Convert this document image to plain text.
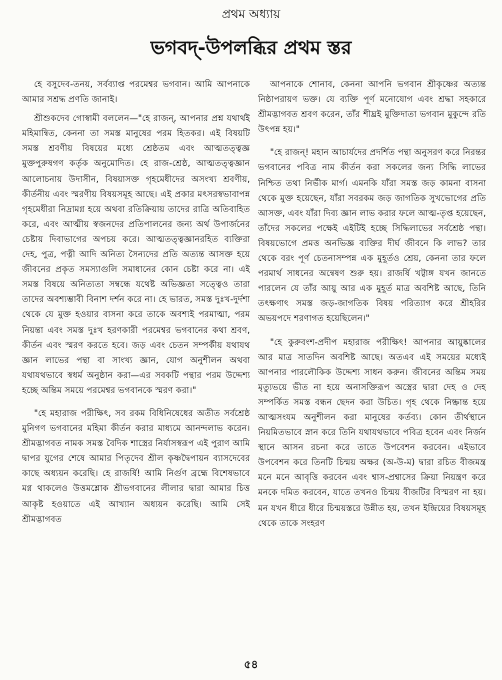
প্রথম অধ্যায়
ভগবদ্-উপলব্ধির প্রথম স্তর

হে বসুদেব-তনয়, সর্বব্যাপ্ত পরমেশ্বর ভগবান। আমি আপনাকে আমার সশ্রদ্ধ প্রণতি জানাই।

শ্রীশুকদেব গোস্বামী বললেন—"হে রাজন্‌, আপনার প্রশ্ন যথার্থই মহিমান্বিত, কেননা তা সমস্ত মানুষের পরম হিতকর। এই বিষয়টি সমস্ত শ্রবণীয় বিষয়ের মধ্যে শ্রেষ্ঠতম এবং আত্মতত্ত্বজ্ঞ মুক্তপুরুষগণ কর্তৃক অনুমোদিত। হে রাজ-শ্রেষ্ঠ, আত্মতত্ত্বজ্ঞান আলোচনায় উদাসীন, বিষয়াসক্ত গৃহমেধীদের অসংখ্য শ্রবণীয়, কীর্তনীয় এবং স্মরণীয় বিষয়সমূহ আছে। এই প্রকার মৎসরস্বভাবাপন্ন গৃহমেধীরা নিদ্রামগ্ন হয়ে অথবা রতিক্রিয়ায় তাদের রাত্রি অতিবাহিত করে, এবং আত্মীয় স্বজনদের প্রতিপালনের জন্য অর্থ উপার্জনের চেষ্টায় দিবাভাগের অপচয় করে। আত্মতত্ত্বজ্ঞানরহিত ব্যক্তিরা দেহ, পুত্র, পত্নী আদি অনিত্য সৈন্যদের প্রতি অত্যন্ত আসক্ত হয়ে জীবনের প্রকৃত সমস্যাগুলি সমাধানের কোন চেষ্টা করে না। এই সমস্ত বিষয়ে অনিত্যতা সম্বন্ধে যথেষ্ট অভিজ্ঞতা সত্ত্বেও তারা তাদের অবশ্যম্ভাবী বিনাশ দর্শন করে না। হে ভারত, সমস্ত দুঃখ-দুর্দশা থেকে যে মুক্ত হওয়ার বাসনা করে তাকে অবশ্যই পরমাত্মা, পরম নিয়ন্তা এবং সমস্ত দুঃখ হরণকারী পরমেশ্বর ভগবানের কথা শ্রবণ, কীর্তন এবং স্মরণ করতে হবে। জড় এবং চেতন সম্পর্কীয় যথাযথ জ্ঞান লাভের পন্থা বা সাংখ্য জ্ঞান, যোগ অনুশীলন অথবা যথাযথভাবে স্বধর্ম অনুষ্ঠান করা—এর সবকটি পন্থার পরম উদ্দেশ্য হচ্ছে অন্তিম সময়ে পরমেশ্বর ভগবানকে স্মরণ করা।"

"হে মহারাজ পরীক্ষিৎ, সব রকম বিধিনিষেধের অতীত সর্বশ্রেষ্ঠ মুনিগণ ভগবানের মহিমা কীর্তন করার মাধ্যমে আনন্দলাভ করেন। শ্রীমদ্ভাগবত নামক সমস্ত বৈদিক শাস্ত্রের নির্যাসস্বরূপ এই পুরাণ আমি দ্বাপর যুগের শেষে আমার পিতৃদেব শ্রীল কৃষ্ণদ্বৈপায়ন ব্যাসদেবের কাছে অধ্যয়ন করেছি। হে রাজর্ষি! আমি নির্গুণ ব্রহ্মে বিশেষভাবে মগ্ন থাকলেও উত্তমশ্লোক শ্রীভগবানের লীলার দ্বারা আমার চিত্ত আকৃষ্ট হওয়াতে এই আখ্যান অধ্যয়ন করেছি। আমি সেই শ্রীমদ্ভাগবত

আপনাকে শোনাব, কেননা আপনি ভগবান শ্রীকৃষ্ণের অত্যন্ত নিষ্ঠাপরায়ণ ভক্ত। যে ব্যক্তি পূর্ণ মনোযোগ এবং শ্রদ্ধা সহকারে শ্রীমদ্ভাগবত শ্রবণ করেন, তাঁর শীঘ্রই মুক্তিদাতা ভগবান মুকুন্দে রতি উৎপন্ন হয়।"

"হে রাজন্‌! মহান আচার্যদের প্রদর্শিত পন্থা অনুসরণ করে নিরন্তর ভগবানের পবিত্র নাম কীর্তন করা সকলের জন্য সিদ্ধি লাভের নিশ্চিত তথা নির্ভীক মার্গ। এমনকি যাঁরা সমস্ত জড় কামনা বাসনা থেকে মুক্ত হয়েছেন, যাঁরা সবরকম জড় জাগতিক সুখভোগের প্রতি আসক্ত, এবং যাঁরা দিব্য জ্ঞান লাভ করার ফলে আত্ম-তৃপ্ত হয়েছেন, তাঁদের সকলের পক্ষেই এইটিই হচ্ছে সিদ্ধিলাভের সর্বশ্রেষ্ঠ পন্থা। বিষয়ভোগে প্রমত্ত অনভিজ্ঞ ব্যক্তির দীর্ঘ জীবনে কি লাভ? তার থেকে বরং পূর্ণ চেতনাসম্পন্ন এক মুহূর্তও শ্রেয়, কেননা তার ফলে পরমার্থ সাধনের অন্বেষণ শুরু হয়। রাজর্ষি খট্বাঙ্গ যখন জানতে পারলেন যে তাঁর আয়ু আর এক মুহূর্ত মাত্র অবশিষ্ট আছে, তিনি তৎক্ষণাৎ সমস্ত জড়-জাগতিক বিষয় পরিত্যাগ করে শ্রীহরির অভয়পদে শরণাগত হয়েছিলেন।"

"হে কুরুবংশ-প্রদীপ মহারাজ পরীক্ষিৎ! আপনার আয়ুষ্কালের আর মাত্র সাতদিন অবশিষ্ট আছে। অতএব এই সময়ের মধ্যেই আপনার পারলৌকিক উদ্দেশ্য সাধন করুন। জীবনের অন্তিম সময় মৃত্যুভয়ে ভীত না হয়ে অনাসক্তিরূপ অস্ত্রের দ্বারা দেহ ও দেহ সম্পর্কিত সমস্ত বন্ধন ছেদন করা উচিত। গৃহ থেকে নিষ্ক্রান্ত হয়ে আত্মসংযম অনুশীলন করা মানুষের কর্তব্য। কোন তীর্থস্থানে নিয়মিতভাবে স্নান করে তিনি যথাযথভাবে পবিত্র হবেন এবং নির্জন স্থানে আসন রচনা করে তাতে উপবেশন করবেন। এইভাবে উপবেশন করে তিনটি চিন্ময় অক্ষর (অ-উ-ম) দ্বারা রচিত বীজমন্ত্র মনে মনে আবৃত্তি করবেন এবং শ্বাস-প্রশ্বাসের ক্রিয়া নিয়ন্ত্রণ করে মনকে দমিত করবেন, যাতে তখনও চিন্ময় বীজটির বিস্মরণ না হয়। মন যখন ধীরে ধীরে চিন্ময়স্তরে উন্নীত হয়, তখন ইন্দ্রিয়ের বিষয়সমূহ থেকে তাকে সংহরণ

৫৪
